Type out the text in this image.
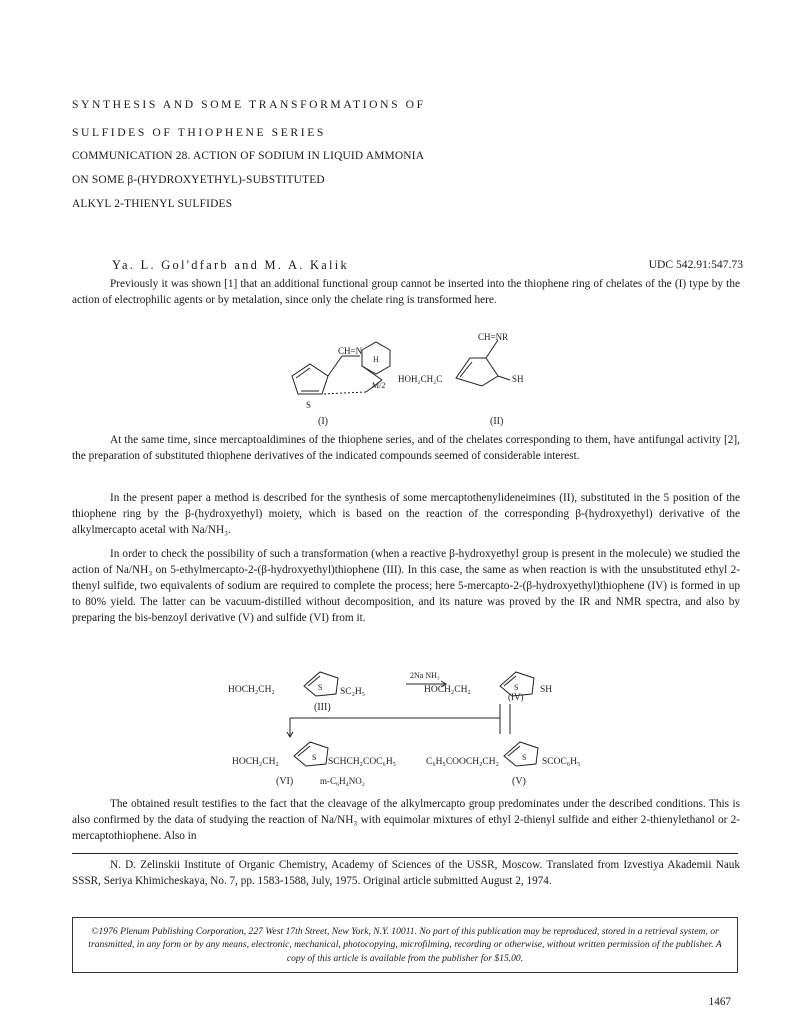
SYNTHESIS AND SOME TRANSFORMATIONS OF
SULFIDES OF THIOPHENE SERIES
COMMUNICATION 28. ACTION OF SODIUM IN LIQUID AMMONIA
ON SOME β-(HYDROXYETHYL)-SUBSTITUTED
ALKYL 2-THIENYL SULFIDES
Ya. L. Gol'dfarb and M. A. Kalik	UDC 542.91:547.73

Previously it was shown [1] that an additional functional group cannot be inserted into the thiophene ring of chelates of the (I) type by the action of electrophilic agents or by metalation, since only the chelate ring is transformed here.

S
CH=N
H
M/2
(I)
CH=NR
HOH₂CH₂C	SH
(II)

At the same time, since mercaptoaldimines of the thiophene series, and of the chelates corresponding to them, have antifungal activity [2], the preparation of substituted thiophene derivatives of the indicated compounds seemed of considerable interest.

In the present paper a method is described for the synthesis of some mercaptothenylideneimines (II), substituted in the 5 position of the thiophene ring by the β-(hydroxyethyl) moiety, which is based on the reaction of the corresponding β-(hydroxyethyl) derivative of the alkylmercapto acetal with Na/NH₃.

In order to check the possibility of such a transformation (when a reactive β-hydroxyethyl group is present in the molecule) we studied the action of Na/NH₃ on 5-ethylmercapto-2-(β-hydroxyethyl)thiophene (III). In this case, the same as when reaction is with the unsubstituted ethyl 2-thenyl sulfide, two equivalents of sodium are required to complete the process; here 5-mercapto-2-(β-hydroxyethyl)thiophene (IV) is formed in up to 80% yield. The latter can be vacuum-distilled without decomposition, and its nature was proved by the IR and NMR spectra, and also by preparing the bis-benzoyl derivative (V) and sulfide (VI) from it.

S	S
S	S
2Na NH₃
HOCH₂CH₂	SC₂H₅
(III)
HOCH₂CH₂	SH
(IV)
HOCH₂CH₂	SCHCH₂COC₆H₅
(VI)	m-C₆H₄NO₂
C₆H₅COOCH₂CH₂	SCOC₆H₅
(V)

The obtained result testifies to the fact that the cleavage of the alkylmercapto group predominates under the described conditions. This is also confirmed by the data of studying the reaction of Na/NH₃ with equimolar mixtures of ethyl 2-thienyl sulfide and either 2-thienylethanol or 2-mercaptothiophene. Also in

N. D. Zelinskii Institute of Organic Chemistry, Academy of Sciences of the USSR, Moscow. Translated from Izvestiya Akademii Nauk SSSR, Seriya Khimicheskaya, No. 7, pp. 1583-1588, July, 1975. Original article submitted August 2, 1974.

©1976 Plenum Publishing Corporation, 227 West 17th Street, New York, N.Y. 10011. No part of this publication may be reproduced, stored in a retrieval system, or transmitted, in any form or by any means, electronic, mechanical, photocopying, microfilming, recording or otherwise, without written permission of the publisher. A copy of this article is available from the publisher for $15.00.
1467
